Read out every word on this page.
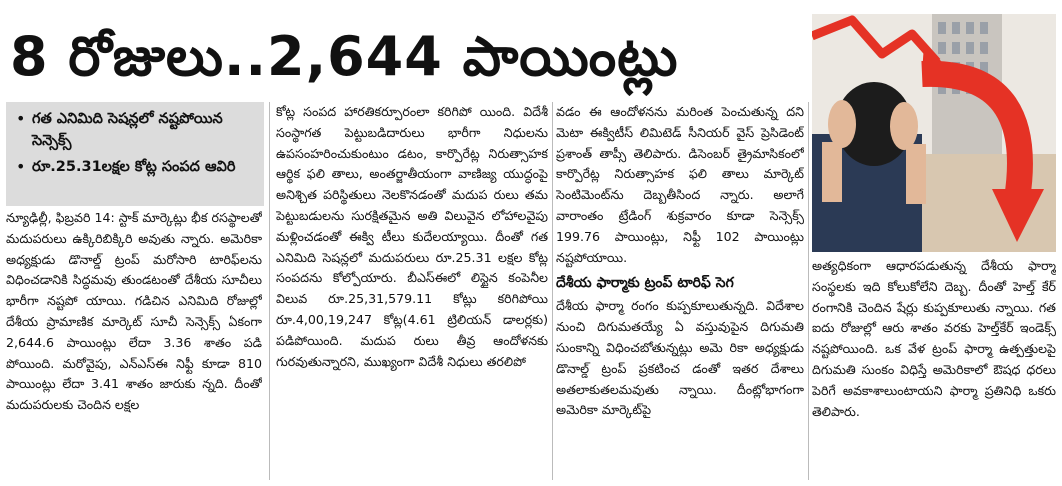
8 రోజులు..2,644 పాయింట్లు
• గత ఎనిమిది సెషన్లలో నష్టపోయిన సెన్సెక్స్
• రూ.25.31లక్షల కోట్ల సంపద ఆవిరి

న్యూఢిల్లీ, ఫిబ్రవరి 14: స్టాక్ మార్కెట్లు భీక రసప్థాలతో మదుపరులు ఉక్కిరిబిక్కిరి అవుతు న్నారు. అమెరికా అధ్యక్షుడు డొనాల్డ్ ట్రంప్ మరోసారి టారిఫ్‌లను విధించడానికి సిద్ధమవు తుండటంతో దేశీయ సూచీలు భారీగా నష్టపో యాయి. గడిచిన ఎనిమిది రోజుల్లో దేశీయ ప్రామాణిక మార్కెట్ సూచీ సెన్సెక్స్ ఏకంగా 2,644.6 పాయింట్లు లేదా 3.36 శాతం పడి పోయింది. మరోవైపు, ఎన్‌ఎస్‌ఈ నిఫ్టీ కూడా 810 పాయింట్లు లేదా 3.41 శాతం జారుకు న్నది. దీంతో మదుపరులకు చెందిన లక్షల

కోట్ల సంపద హారతికర్పూరంలా కరిగిపో యింది. విదేశీ సంస్థాగత పెట్టుబడిదారులు భారీగా నిధులను ఉపసంహరించుకుంటుం డటం, కార్పొరేట్ల నిరుత్సాహక ఆర్థిక ఫలి తాలు, అంతర్జాతీయంగా వాణిజ్య యుద్ధంపై అనిశ్చిత పరిస్థితులు నెలకొనడంతో మదుప రులు తమ పెట్టుబడులను సురక్షితమైన అతి విలువైన లోహాలవైపు మళ్లించడంతో ఈక్వి టీలు కుదేలయ్యాయి. దీంతో గత ఎనిమిది సెషన్లలో మదుపరులు రూ.25.31 లక్షల కోట్ల సంపదను కోల్పోయారు. బీఎస్‌ఈలో లిస్టైన కంపెనీల విలువ రూ.25,31,579.11 కోట్లు కరిగిపోయి రూ.4,00,19,247 కోట్ల(4.61 ట్రిలియన్ డాలర్లకు) పడిపోయింది. మదుప రులు తీవ్ర ఆందోళనకు గురవుతున్నారని, ముఖ్యంగా విదేశీ నిధులు తరలిపో

వడం ఈ ఆందోళనను మరింత పెంచుతున్న దని మెటా ఈక్విటీస్ లిమిటెడ్ సీనియర్ వైస్ ప్రెసిడెంట్ ప్రశాంత్ తాప్సీ తెలిపారు. డిసెంబర్ త్రైమాసికంలో కార్పొరేట్ల నిరుత్సాహక ఫలి తాలు మార్కెట్ సెంటిమెంట్‌ను దెబ్బతీసింద న్నారు. అలాగే వారాంతం ట్రేడింగ్ శుక్రవారం కూడా సెన్సెక్స్ 199.76 పాయింట్లు, నిఫ్టీ 102 పాయింట్లు నష్టపోయాయి.

దేశీయ ఫార్మాకు ట్రంప్ టారిఫ్ సెగ

దేశీయ ఫార్మా రంగం కుప్పకూలుతున్నది. విదేశాల నుంచి దిగుమతయ్యే ఏ వస్తువుపైన దిగుమతి సుంకాన్ని విధించబోతున్నట్లు అమె రికా అధ్యక్షుడు డొనాల్డ్ ట్రంప్ ప్రకటించ డంతో ఇతర దేశాలు అతలాకుతలమవుతు న్నాయి. దీంట్లోభాగంగా అమెరికా మార్కెట్‌పై

అత్యధికంగా ఆధారపడుతున్న దేశీయ ఫార్మా సంస్థలకు ఇది కోలుకోలేని దెబ్బ. దీంతో హెల్త్ కేర్ రంగానికి చెందిన షేర్లు కుప్పకూలుతు న్నాయి. గత ఐదు రోజుల్లో ఆరు శాతం వరకు హెల్త్‌కేర్ ఇండెక్స్ నష్టపోయింది. ఒక వేళ ట్రంప్ ఫార్మా ఉత్పత్తులపై దిగుమతి సుంకం విధిస్తే అమెరికాలో ఔషధ ధరలు పెరిగే అవకాశాలుంటాయని ఫార్మా ప్రతినిధి ఒకరు తెలిపారు.
